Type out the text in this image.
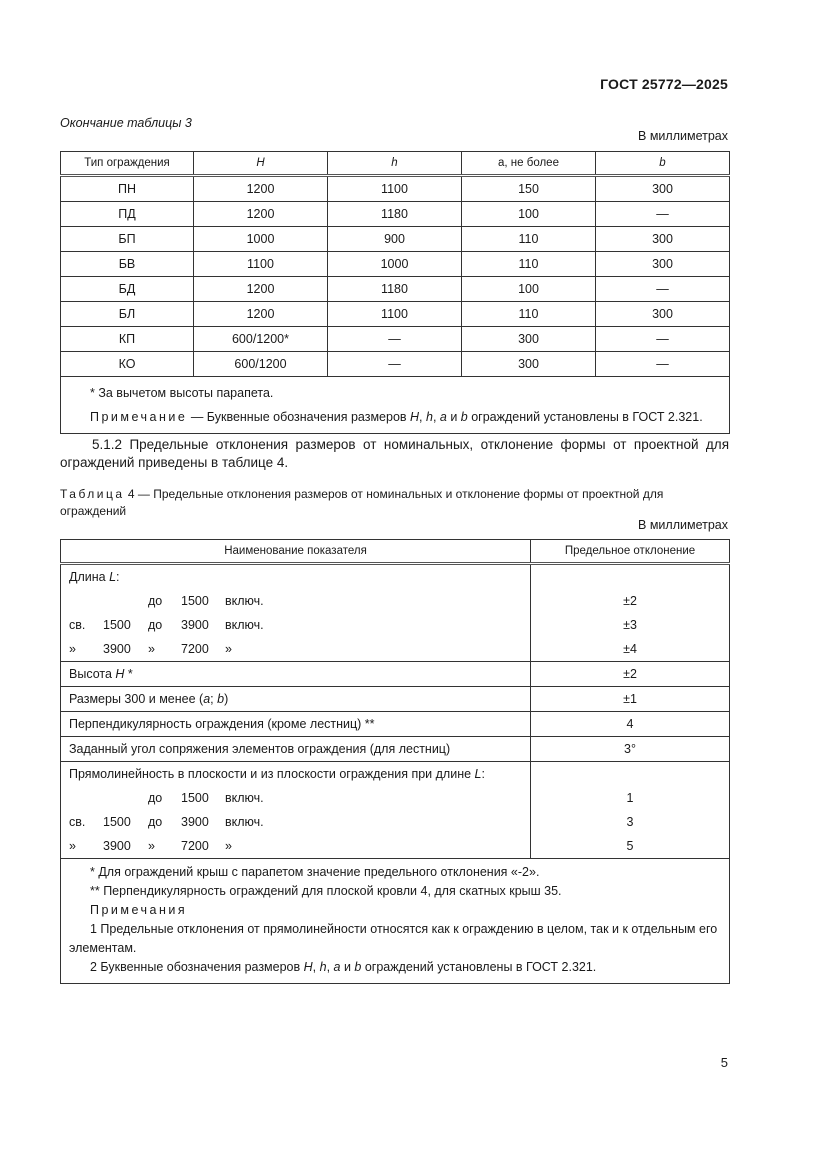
ГОСТ 25772—2025
Окончание таблицы 3
В миллиметрах
Тип ограждения	H	h	a, не более	b
ПН	1200	1100	150	300
ПД	1200	1180	100	—
БП	1000	900	110	300
БВ	1100	1000	110	300
БД	1200	1180	100	—
БЛ	1200	1100	110	300
КП	600/1200*	—	300	—
КО	600/1200	—	300	—

* За вычетом высоты парапета.
Примечание — Буквенные обозначения размеров H, h, a и b ограждений установлены в ГОСТ 2.321.				
5.1.2 Предельные отклонения размеров от номинальных, отклонение формы от проектной для ограждений приведены в таблице 4.
Таблица 4 — Предельные отклонения размеров от номинальных и отклонение формы от проектной для ограждений
В миллиметрах
Наименование показателя	Предельное отклонение
Длина L:	

до 1500 включ.	±2

св. 1500 до 3900 включ.	±3

» 3900 » 7200 »	±4
Высота H *	±2
Размеры 300 и менее (a; b)	±1
Перпендикулярность ограждения (кроме лестниц) **	4
Заданный угол сопряжения элементов ограждения (для лестниц)	3°
Прямолинейность в плоскости и из плоскости ограждения при длине L:	

до 1500 включ.	1

св. 1500 до 3900 включ.	3

» 3900 » 7200 »	5

* Для ограждений крыш с парапетом значение предельного отклонения «-2».
** Перпендикулярность ограждений для плоской кровли 4, для скатных крыш 35.
Примечания
1 Предельные отклонения от прямолинейности относятся как к ограждению в целом, так и к отдельным его элементам.
2 Буквенные обозначения размеров H, h, a и b ограждений установлены в ГОСТ 2.321.	
5
